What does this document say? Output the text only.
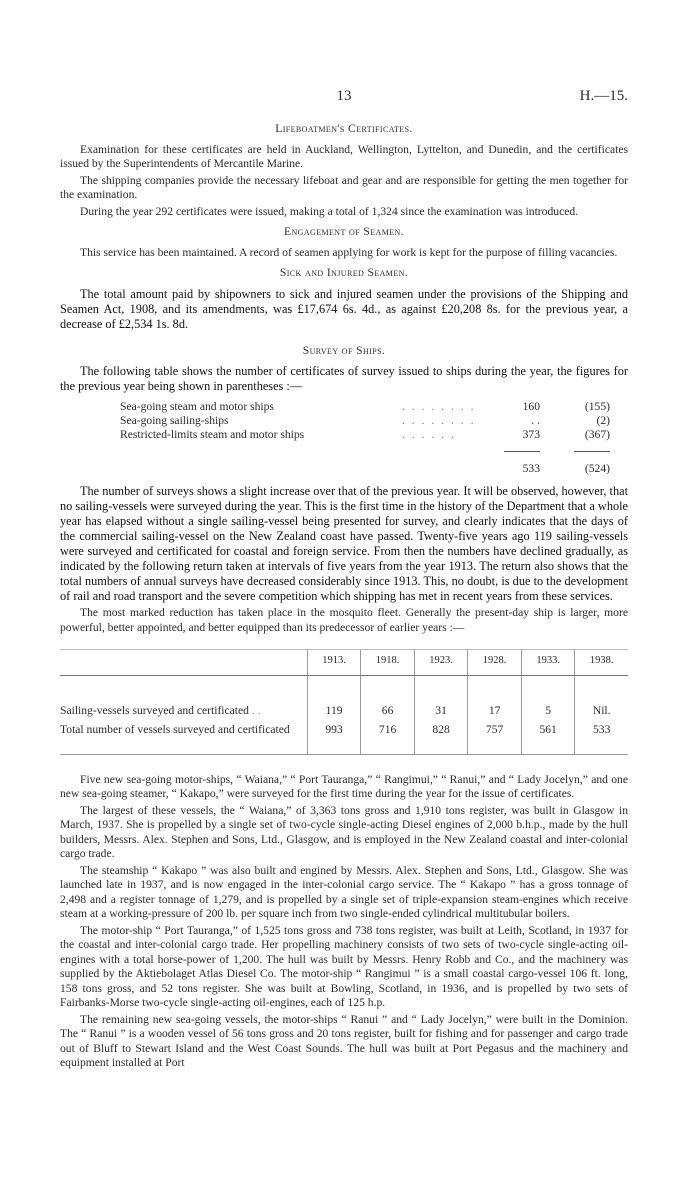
13	H.—15.
Lifeboatmen's Certificates.

Examination for these certificates are held in Auckland, Wellington, Lyttelton, and Dunedin, and the certificates issued by the Superintendents of Mercantile Marine.

The shipping companies provide the necessary lifeboat and gear and are responsible for getting the men together for the examination.

During the year 292 certificates were issued, making a total of 1,324 since the examination was introduced.

Engagement of Seamen.

This service has been maintained. A record of seamen applying for work is kept for the purpose of filling vacancies.

Sick and Injured Seamen.

The total amount paid by shipowners to sick and injured seamen under the provisions of the Shipping and Seamen Act, 1908, and its amendments, was £17,674 6s. 4d., as against £20,208 8s. for the previous year, a decrease of £2,534 1s. 8d.

Survey of Ships.

The following table shows the number of certificates of survey issued to ships during the year, the figures for the previous year being shown in parentheses :—

	Sea-going steam and motor ships	. . . . . . . .	160	(155)
	Sea-going sailing-ships	. . . . . . . .	. .	(2)
	Restricted-limits steam and motor ships	. . . . . .	373	(367)

			533	(524)

The number of surveys shows a slight increase over that of the previous year. It will be observed, however, that no sailing-vessels were surveyed during the year. This is the first time in the history of the Department that a whole year has elapsed without a single sailing-vessel being presented for survey, and clearly indicates that the days of the commercial sailing-vessel on the New Zealand coast have passed. Twenty-five years ago 119 sailing-vessels were surveyed and certificated for coastal and foreign service. From then the numbers have declined gradually, as indicated by the following return taken at intervals of five years from the year 1913. The return also shows that the total numbers of annual surveys have decreased considerably since 1913. This, no doubt, is due to the development of rail and road transport and the severe competition which shipping has met in recent years from these services.

The most marked reduction has taken place in the mosquito fleet. Generally the present-day ship is larger, more powerful, better appointed, and better equipped than its predecessor of earlier years :—

	1913.	1918.	1923.	1928.	1933.	1938.
Sailing-vessels surveyed and certificated . .	119	66	31	17	5	Nil.
Total number of vessels surveyed and certificated	993	716	828	757	561	533

Five new sea-going motor-ships, “ Waiana,” “ Port Tauranga,” “ Rangimui,” “ Ranui,” and “ Lady Jocelyn,” and one new sea-going steamer, “ Kakapo,” were surveyed for the first time during the year for the issue of certificates.

The largest of these vessels, the “ Waiana,” of 3,363 tons gross and 1,910 tons register, was built in Glasgow in March, 1937. She is propelled by a single set of two-cycle single-acting Diesel engines of 2,000 b.h.p., made by the hull builders, Messrs. Alex. Stephen and Sons, Ltd., Glasgow, and is employed in the New Zealand coastal and inter-colonial cargo trade.

The steamship “ Kakapo ” was also built and engined by Messrs. Alex. Stephen and Sons, Ltd., Glasgow. She was launched late in 1937, and is now engaged in the inter-colonial cargo service. The “ Kakapo ” has a gross tonnage of 2,498 and a register tonnage of 1,279, and is propelled by a single set of triple-expansion steam-engines which receive steam at a working-pressure of 200 lb. per square inch from two single-ended cylindrical multitubular boilers.

The motor-ship “ Port Tauranga,” of 1,525 tons gross and 738 tons register, was built at Leith, Scotland, in 1937 for the coastal and inter-colonial cargo trade. Her propelling machinery consists of two sets of two-cycle single-acting oil-engines with a total horse-power of 1,200. The hull was built by Messrs. Henry Robb and Co., and the machinery was supplied by the Aktiebolaget Atlas Diesel Co. The motor-ship “ Rangimui ” is a small coastal cargo-vessel 106 ft. long, 158 tons gross, and 52 tons register. She was built at Bowling, Scotland, in 1936, and is propelled by two sets of Fairbanks-Morse two-cycle single-acting oil-engines, each of 125 h.p.

The remaining new sea-going vessels, the motor-ships “ Ranui ” and “ Lady Jocelyn,” were built in the Dominion. The “ Ranui ” is a wooden vessel of 56 tons gross and 20 tons register, built for fishing and for passenger and cargo trade out of Bluff to Stewart Island and the West Coast Sounds. The hull was built at Port Pegasus and the machinery and equipment installed at Port
